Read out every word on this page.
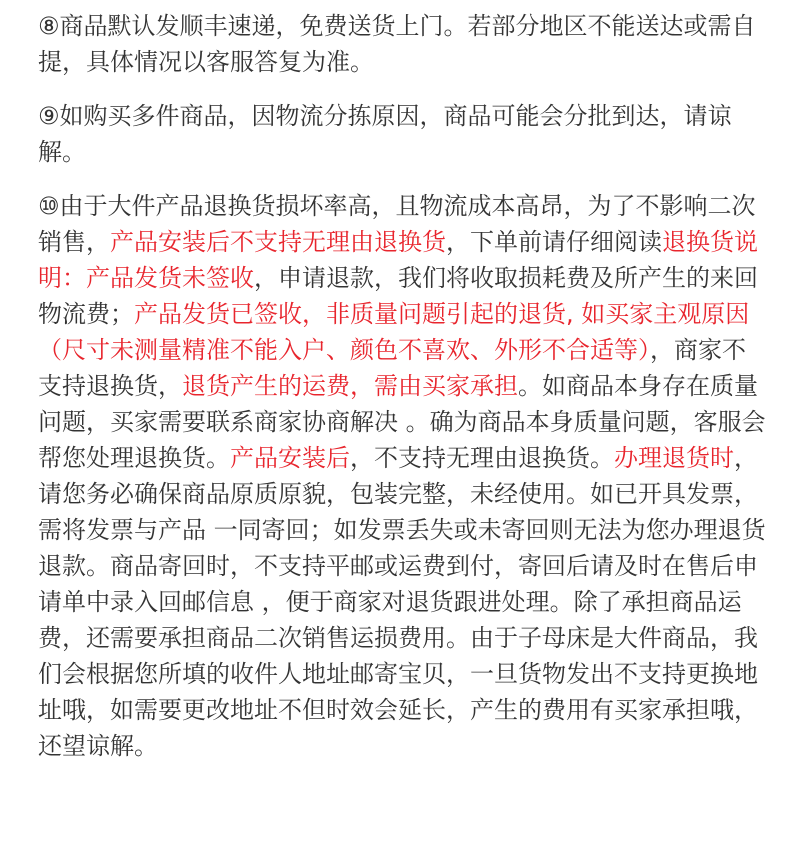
⑧商品默认发顺丰速递，免费送货上门。若部分地区不能送达或需自提，具体情况以客服答复为准。

⑨如购买多件商品，因物流分拣原因，商品可能会分批到达，请谅解。

⑩由于大件产品退换货损坏率高，且物流成本高昂，为了不影响二次销售，产品安装后不支持无理由退换货，下单前请仔细阅读退换货说明：产品发货未签收，申请退款，我们将收取损耗费及所产生的来回物流费；产品发货已签收，非质量问题引起的退货, 如买家主观原因（尺寸未测量精准不能入户、颜色不喜欢、外形不合适等），商家不支持退换货，退货产生的运费，需由买家承担。如商品本身存在质量问题，买家需要联系商家协商解决 。确为商品本身质量问题，客服会帮您处理退换货。产品安装后，不支持无理由退换货。办理退货时，请您务必确保商品原质原貌，包装完整，未经使用。如已开具发票，需将发票与产品 一同寄回；如发票丢失或未寄回则无法为您办理退货退款。商品寄回时，不支持平邮或运费到付，寄回后请及时在售后申请单中录入回邮信息 ，便于商家对退货跟进处理。除了承担商品运费，还需要承担商品二次销售运损费用。由于子母床是大件商品，我们会根据您所填的收件人地址邮寄宝贝，一旦货物发出不支持更换地址哦，如需要更改地址不但时效会延长，产生的费用有买家承担哦，还望谅解。
